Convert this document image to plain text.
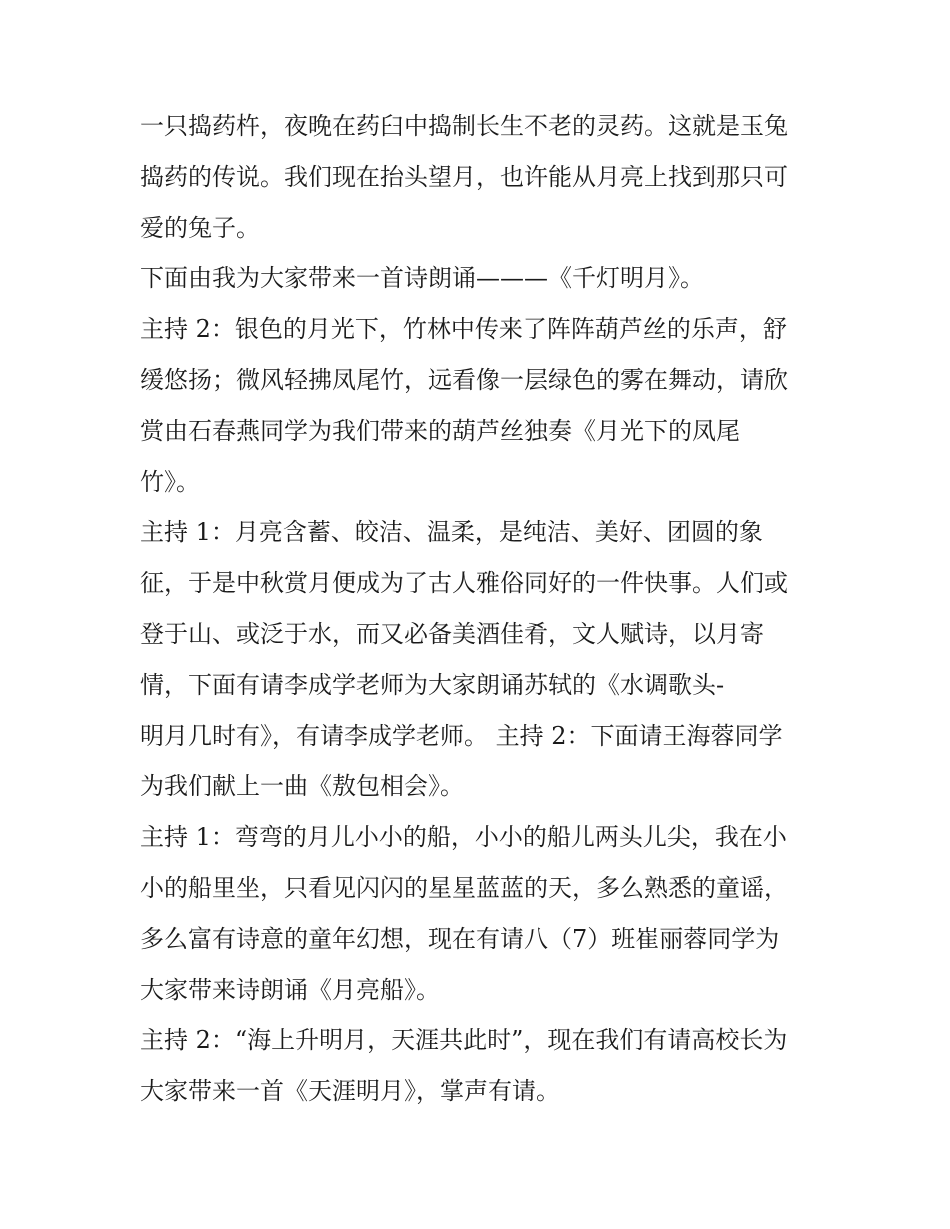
一只捣药杵，夜晚在药臼中捣制长生不老的灵药。这就是玉兔
捣药的传说。我们现在抬头望月，也许能从月亮上找到那只可
爱的兔子。
下面由我为大家带来一首诗朗诵———《千灯明月》。
主持 2：银色的月光下，竹林中传来了阵阵葫芦丝的乐声，舒
缓悠扬；微风轻拂凤尾竹，远看像一层绿色的雾在舞动，请欣
赏由石春燕同学为我们带来的葫芦丝独奏《月光下的凤尾
竹》。
主持 1：月亮含蓄、皎洁、温柔，是纯洁、美好、团圆的象
征，于是中秋赏月便成为了古人雅俗同好的一件快事。人们或
登于山、或泛于水，而又必备美酒佳肴，文人赋诗，以月寄
情，下面有请李成学老师为大家朗诵苏轼的《水调歌头-
明月几时有》，有请李成学老师。 主持 2：下面请王海蓉同学
为我们献上一曲《敖包相会》。
主持 1：弯弯的月儿小小的船，小小的船儿两头儿尖，我在小
小的船里坐，只看见闪闪的星星蓝蓝的天，多么熟悉的童谣，
多么富有诗意的童年幻想，现在有请八（7）班崔丽蓉同学为
大家带来诗朗诵《月亮船》。
主持 2：“海上升明月，天涯共此时”，现在我们有请高校长为
大家带来一首《天涯明月》，掌声有请。
